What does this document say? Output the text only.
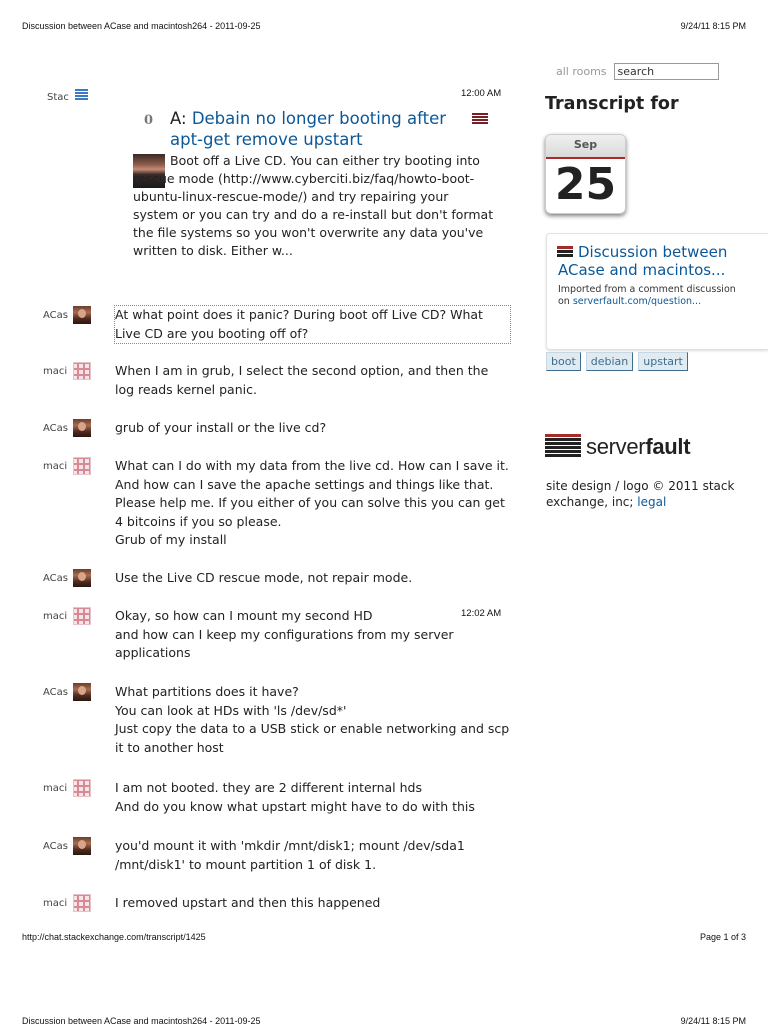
Discussion between ACase and macintosh264 - 2011-09-25	9/24/11 8:15 PM
Stac	12:00 AM
0 A: Debain no longer booting after apt-get remove upstart
Boot off a Live CD. You can either try booting into
rescue mode (http://www.cyberciti.biz/faq/howto-boot-ubuntu-linux-rescue-mode/) and try repairing your system or you can try and do a re-install but don't format the file systems so you won't overwrite any data you've written to disk. Either w...
ACas	At what point does it panic? During boot off Live CD? What Live CD are you booting off of?
maci	When I am in grub, I select the second option, and then the log reads kernel panic.
ACas	grub of your install or the live cd?
maci	What can I do with my data from the live cd. How can I save it. And how can I save the apache settings and things like that. Please help me. If you either of you can solve this you can get 4 bitcoins if you so please.
Grub of my install
ACas	Use the Live CD rescue mode, not repair mode.
maci	Okay, so how can I mount my second HD
and how can I keep my configurations from my server applications
12:02 AM
ACas	What partitions does it have?
You can look at HDs with 'ls /dev/sd*'
Just copy the data to a USB stick or enable networking and scp it to another host
maci	I am not booted. they are 2 different internal hds
And do you know what upstart might have to do with this
ACas	you'd mount it with 'mkdir /mnt/disk1; mount /dev/sda1 /mnt/disk1' to mount partition 1 of disk 1.
maci	I removed upstart and then this happened
all rooms
search
Transcript for
Sep
25
Discussion between ACase and macintos...
Imported from a comment discussion
on serverfault.com/question...
boot	debian	upstart
serverfault
site design / logo © 2011 stack exchange, inc; legal
http://chat.stackexchange.com/transcript/1425	Page 1 of 3
Discussion between ACase and macintosh264 - 2011-09-25	9/24/11 8:15 PM
